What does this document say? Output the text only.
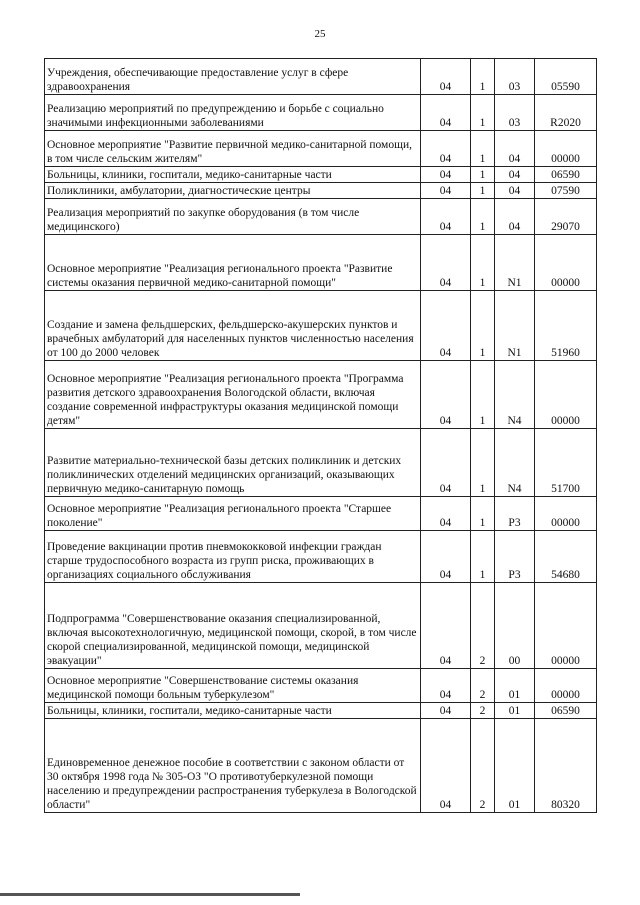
25
Учреждения, обеспечивающие предоставление услуг в сфере здравоохранения	04	1	03	05590
Реализацию мероприятий по предупреждению и борьбе с социально значимыми инфекционными заболеваниями	04	1	03	R2020
Основное мероприятие "Развитие первичной медико-санитарной помощи, в том числе сельским жителям"	04	1	04	00000
Больницы, клиники, госпитали, медико-санитарные части	04	1	04	06590
Поликлиники, амбулатории, диагностические центры	04	1	04	07590
Реализация мероприятий по закупке оборудования (в том числе медицинского)	04	1	04	29070
Основное мероприятие "Реализация регионального проекта "Развитие системы оказания первичной медико-санитарной помощи"	04	1	N1	00000
Создание и замена фельдшерских, фельдшерско-акушерских пунктов и врачебных амбулаторий для населенных пунктов численностью населения от 100 до 2000 человек	04	1	N1	51960
Основное мероприятие "Реализация регионального проекта "Программа развития детского здравоохранения Вологодской области, включая создание современной инфраструктуры оказания медицинской помощи детям"	04	1	N4	00000
Развитие материально-технической базы детских поликлиник и детских поликлинических отделений медицинских организаций, оказывающих первичную медико-санитарную помощь	04	1	N4	51700
Основное мероприятие "Реализация регионального проекта "Старшее поколение"	04	1	P3	00000
Проведение вакцинации против пневмококковой инфекции граждан старше трудоспособного возраста из групп риска, проживающих в организациях социального обслуживания	04	1	P3	54680
Подпрограмма "Совершенствование оказания специализированной, включая высокотехнологичную, медицинской помощи, скорой, в том числе скорой специализированной, медицинской помощи, медицинской эвакуации"	04	2	00	00000
Основное мероприятие "Совершенствование системы оказания медицинской помощи больным туберкулезом"	04	2	01	00000
Больницы, клиники, госпитали, медико-санитарные части	04	2	01	06590
Единовременное денежное пособие в соответствии с законом области от 30 октября 1998 года № 305-ОЗ "О противотуберкулезной помощи населению и предупреждении распространения туберкулеза в Вологодской области"	04	2	01	80320
